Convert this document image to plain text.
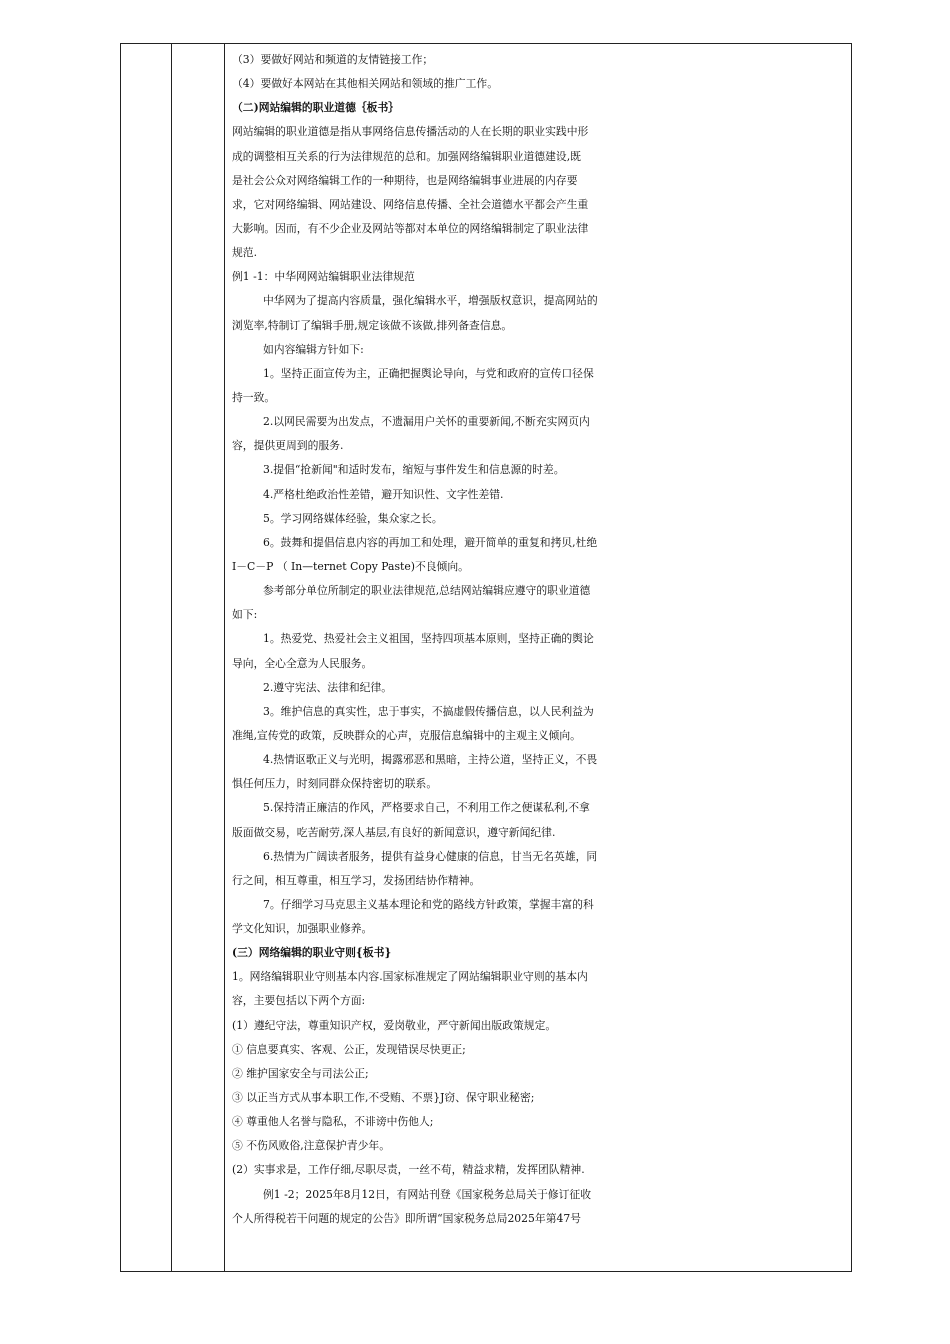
（3）要做好网站和频道的友情链接工作；
（4）要做好本网站在其他相关网站和领域的推广工作。
（二)网站编辑的职业道德｛板书｝
网站编辑的职业道德是指从事网络信息传播活动的人在长期的职业实践中形
成的调整相互关系的行为法律规范的总和。加强网络编辑职业道德建设,既
是社会公众对网络编辑工作的一种期待，也是网络编辑事业进展的内存要
求，它对网络编辑、网站建设、网络信息传播、全社会道德水平都会产生重
大影响。因而，有不少企业及网站等都对本单位的网络编辑制定了职业法律
规范.
例1 -1：中华网网站编辑职业法律规范
中华网为了提高内容质量，强化编辑水平，增强版权意识，提高网站的
浏览率,特制订了编辑手册,规定该做不该做,排列备查信息。
如内容编辑方针如下:
1。坚持正面宣传为主，正确把握舆论导向，与党和政府的宣传口径保
持一致。
2.以网民需要为出发点，不遗漏用户关怀的重要新闻,不断充实网页内
容，提供更周到的服务.
3.提倡“抢新闻"和适时发布，缩短与事件发生和信息源的时差。
4.严格杜绝政治性差错，避开知识性、文字性差错.
5。学习网络媒体经验，集众家之长。
6。鼓舞和提倡信息内容的再加工和处理，避开简单的重复和拷贝,杜绝
I－C－P （ In—ternet Copy Paste)不良倾向。
参考部分单位所制定的职业法律规范,总结网站编辑应遵守的职业道德
如下:
1。热爱党、热爱社会主义祖国，坚持四项基本原则，坚持正确的舆论
导向，全心全意为人民服务。
2.遵守宪法、法律和纪律。
3。维护信息的真实性，忠于事实，不搞虚假传播信息，以人民利益为
准绳,宣传党的政策，反映群众的心声，克服信息编辑中的主观主义倾向。
4.热情讴歌正义与光明，揭露邪恶和黑暗，主持公道，坚持正义，不畏
惧任何压力，时刻同群众保持密切的联系。
5.保持清正廉洁的作风，严格要求自己，不利用工作之便谋私利,不拿
版面做交易，吃苦耐劳,深人基层,有良好的新闻意识，遵守新闻纪律.
6.热情为广阔读者服务，提供有益身心健康的信息，甘当无名英雄，同
行之间，相互尊重，相互学习，发扬团结协作精神。
7。仔细学习马克思主义基本理论和党的路线方针政策，掌握丰富的科
学文化知识，加强职业修养。
(三）网络编辑的职业守则{板书}
1。网络编辑职业守则基本内容.国家标准规定了网站编辑职业守则的基本内
容，主要包括以下两个方面:
(1）遵纪守法，尊重知识产权，爱岗敬业，严守新闻出版政策规定。
① 信息要真实、客观、公正，发现错误尽快更正;
② 维护国家安全与司法公正;
③ 以正当方式从事本职工作,不受贿、不票}J窃、保守职业秘密;
④ 尊重他人名誉与隐私，不诽谤中伤他人;
⑤ 不伤风败俗,注意保护青少年。
(2）实事求是，工作仔细,尽职尽责，一丝不苟，精益求精，发挥团队精神.
例1 -2；2025年8月12日，有网站刊登《国家税务总局关于修订征收
个人所得税若干问题的规定的公告》即所谓“国家税务总局2025年第47号
